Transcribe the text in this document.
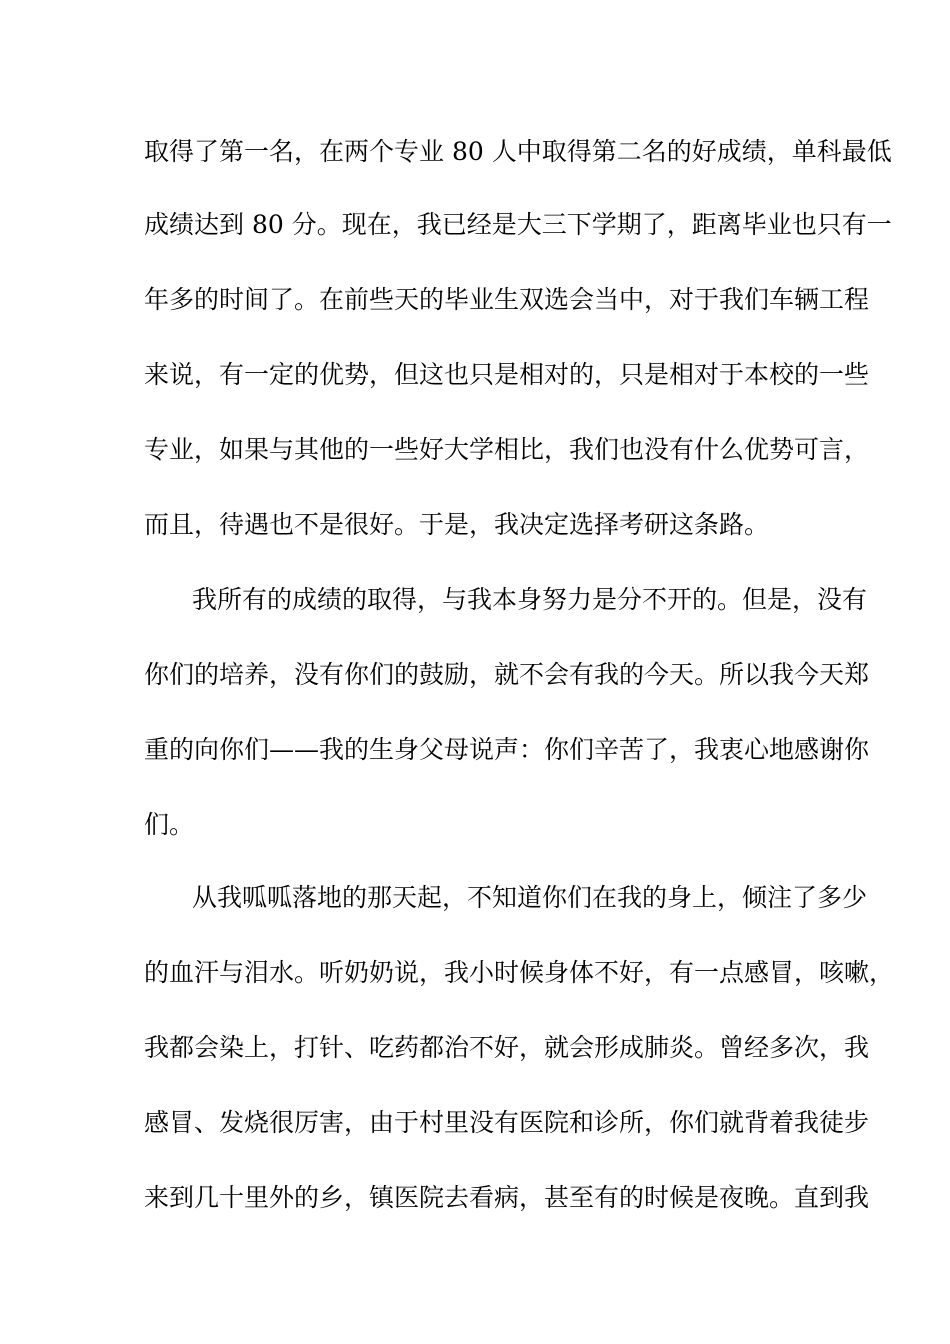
取得了第一名，在两个专业 80 人中取得第二名的好成绩，单科最低
成绩达到 80 分。现在，我已经是大三下学期了，距离毕业也只有一
年多的时间了。在前些天的毕业生双选会当中，对于我们车辆工程
来说，有一定的优势，但这也只是相对的，只是相对于本校的一些
专业，如果与其他的一些好大学相比，我们也没有什么优势可言，
而且，待遇也不是很好。于是，我决定选择考研这条路。
我所有的成绩的取得，与我本身努力是分不开的。但是，没有
你们的培养，没有你们的鼓励，就不会有我的今天。所以我今天郑
重的向你们——我的生身父母说声：你们辛苦了，我衷心地感谢你
们。
从我呱呱落地的那天起，不知道你们在我的身上，倾注了多少
的血汗与泪水。听奶奶说，我小时候身体不好，有一点感冒，咳嗽，
我都会染上，打针、吃药都治不好，就会形成肺炎。曾经多次，我
感冒、发烧很厉害，由于村里没有医院和诊所，你们就背着我徒步
来到几十里外的乡，镇医院去看病，甚至有的时候是夜晚。直到我
